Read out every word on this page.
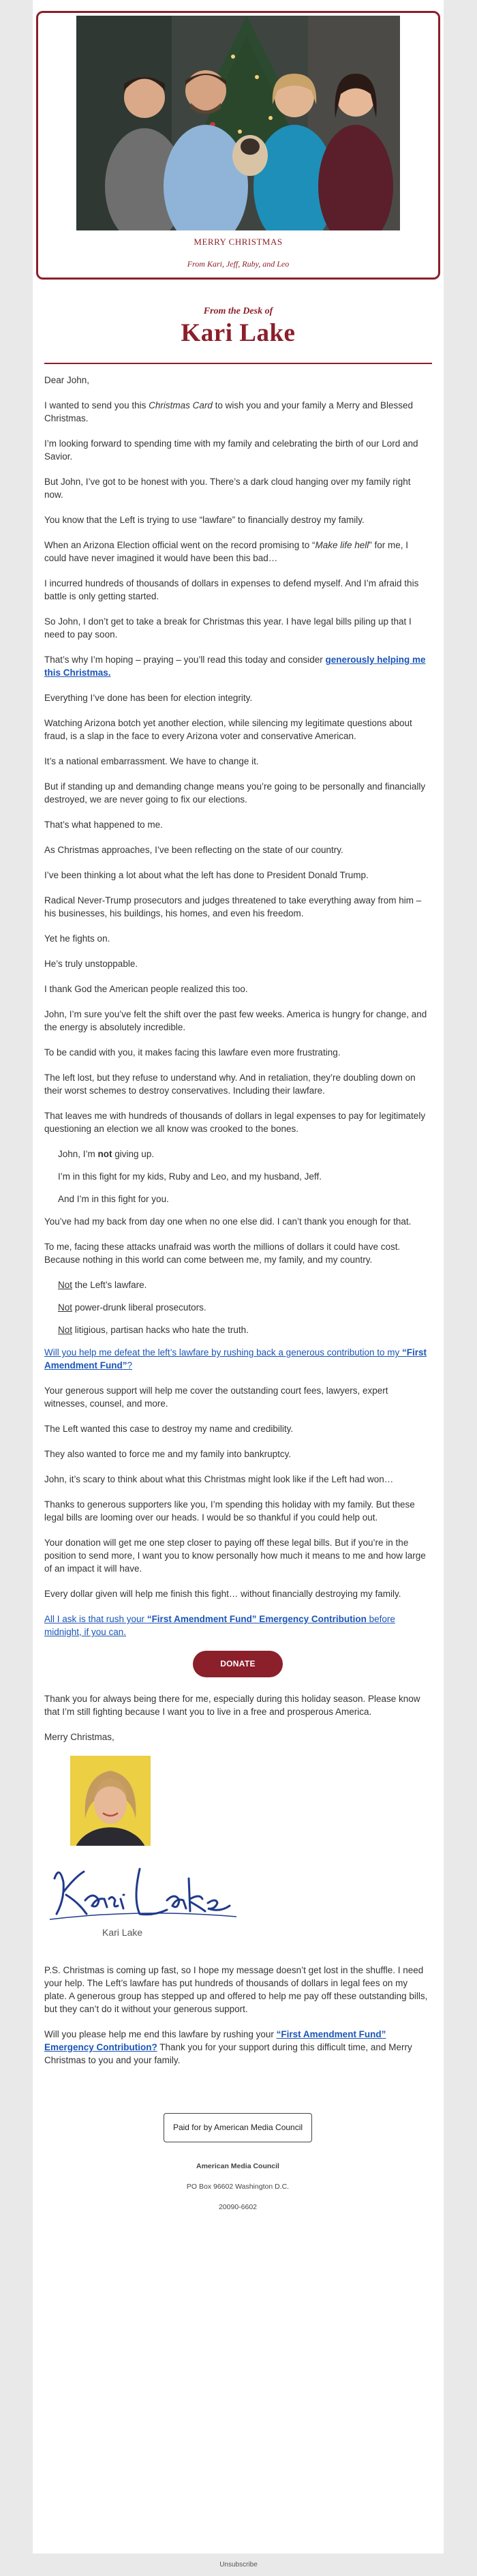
MERRY CHRISTMAS
From Kari, Jeff, Ruby, and Leo
From the Desk of
Kari Lake

Dear John,

I wanted to send you this Christmas Card to wish you and your family a Merry and Blessed Christmas.

I’m looking forward to spending time with my family and celebrating the birth of our Lord and Savior.

But John, I’ve got to be honest with you. There’s a dark cloud hanging over my family right now.

You know that the Left is trying to use “lawfare” to financially destroy my family.

When an Arizona Election official went on the record promising to “Make life hell” for me, I could have never imagined it would have been this bad…

I incurred hundreds of thousands of dollars in expenses to defend myself. And I’m afraid this battle is only getting started.

So John, I don’t get to take a break for Christmas this year. I have legal bills piling up that I need to pay soon.

That’s why I’m hoping – praying – you’ll read this today and consider generously helping me this Christmas.

Everything I’ve done has been for election integrity.

Watching Arizona botch yet another election, while silencing my legitimate questions about fraud, is a slap in the face to every Arizona voter and conservative American.

It’s a national embarrassment. We have to change it.

But if standing up and demanding change means you’re going to be personally and financially destroyed, we are never going to fix our elections.

That’s what happened to me.

As Christmas approaches, I’ve been reflecting on the state of our country.

I’ve been thinking a lot about what the left has done to President Donald Trump.

Radical Never-Trump prosecutors and judges threatened to take everything away from him – his businesses, his buildings, his homes, and even his freedom.

Yet he fights on.

He’s truly unstoppable.

I thank God the American people realized this too.

John, I’m sure you’ve felt the shift over the past few weeks. America is hungry for change, and the energy is absolutely incredible.

To be candid with you, it makes facing this lawfare even more frustrating.

The left lost, but they refuse to understand why. And in retaliation, they’re doubling down on their worst schemes to destroy conservatives. Including their lawfare.

That leaves me with hundreds of thousands of dollars in legal expenses to pay for legitimately questioning an election we all know was crooked to the bones.

John, I’m not giving up.

I’m in this fight for my kids, Ruby and Leo, and my husband, Jeff.

And I’m in this fight for you.

You’ve had my back from day one when no one else did. I can’t thank you enough for that.

To me, facing these attacks unafraid was worth the millions of dollars it could have cost. Because nothing in this world can come between me, my family, and my country.

Not the Left’s lawfare.

Not power-drunk liberal prosecutors.

Not litigious, partisan hacks who hate the truth.

Will you help me defeat the left’s lawfare by rushing back a generous contribution to my “First Amendment Fund”?

Your generous support will help me cover the outstanding court fees, lawyers, expert witnesses, counsel, and more.

The Left wanted this case to destroy my name and credibility.

They also wanted to force me and my family into bankruptcy.

John, it’s scary to think about what this Christmas might look like if the Left had won…

Thanks to generous supporters like you, I’m spending this holiday with my family. But these legal bills are looming over our heads. I would be so thankful if you could help out.

Your donation will get me one step closer to paying off these legal bills. But if you’re in the position to send more, I want you to know personally how much it means to me and how large of an impact it will have.

Every dollar given will help me finish this fight… without financially destroying my family.

All I ask is that rush your “First Amendment Fund” Emergency Contribution before midnight, if you can.

DONATE

Thank you for always being there for me, especially during this holiday season. Please know that I’m still fighting because I want you to live in a free and prosperous America.

Merry Christmas,

Kari Lake

P.S. Christmas is coming up fast, so I hope my message doesn’t get lost in the shuffle. I need your help. The Left’s lawfare has put hundreds of thousands of dollars in legal fees on my plate. A generous group has stepped up and offered to help me pay off these outstanding bills, but they can’t do it without your generous support.

Will you please help me end this lawfare by rushing your “First Amendment Fund” Emergency Contribution? Thank you for your support during this difficult time, and Merry Christmas to you and your family.

Paid for by American Media Council
American Media Council
PO Box 96602 Washington D.C.
20090-6602
Unsubscribe
